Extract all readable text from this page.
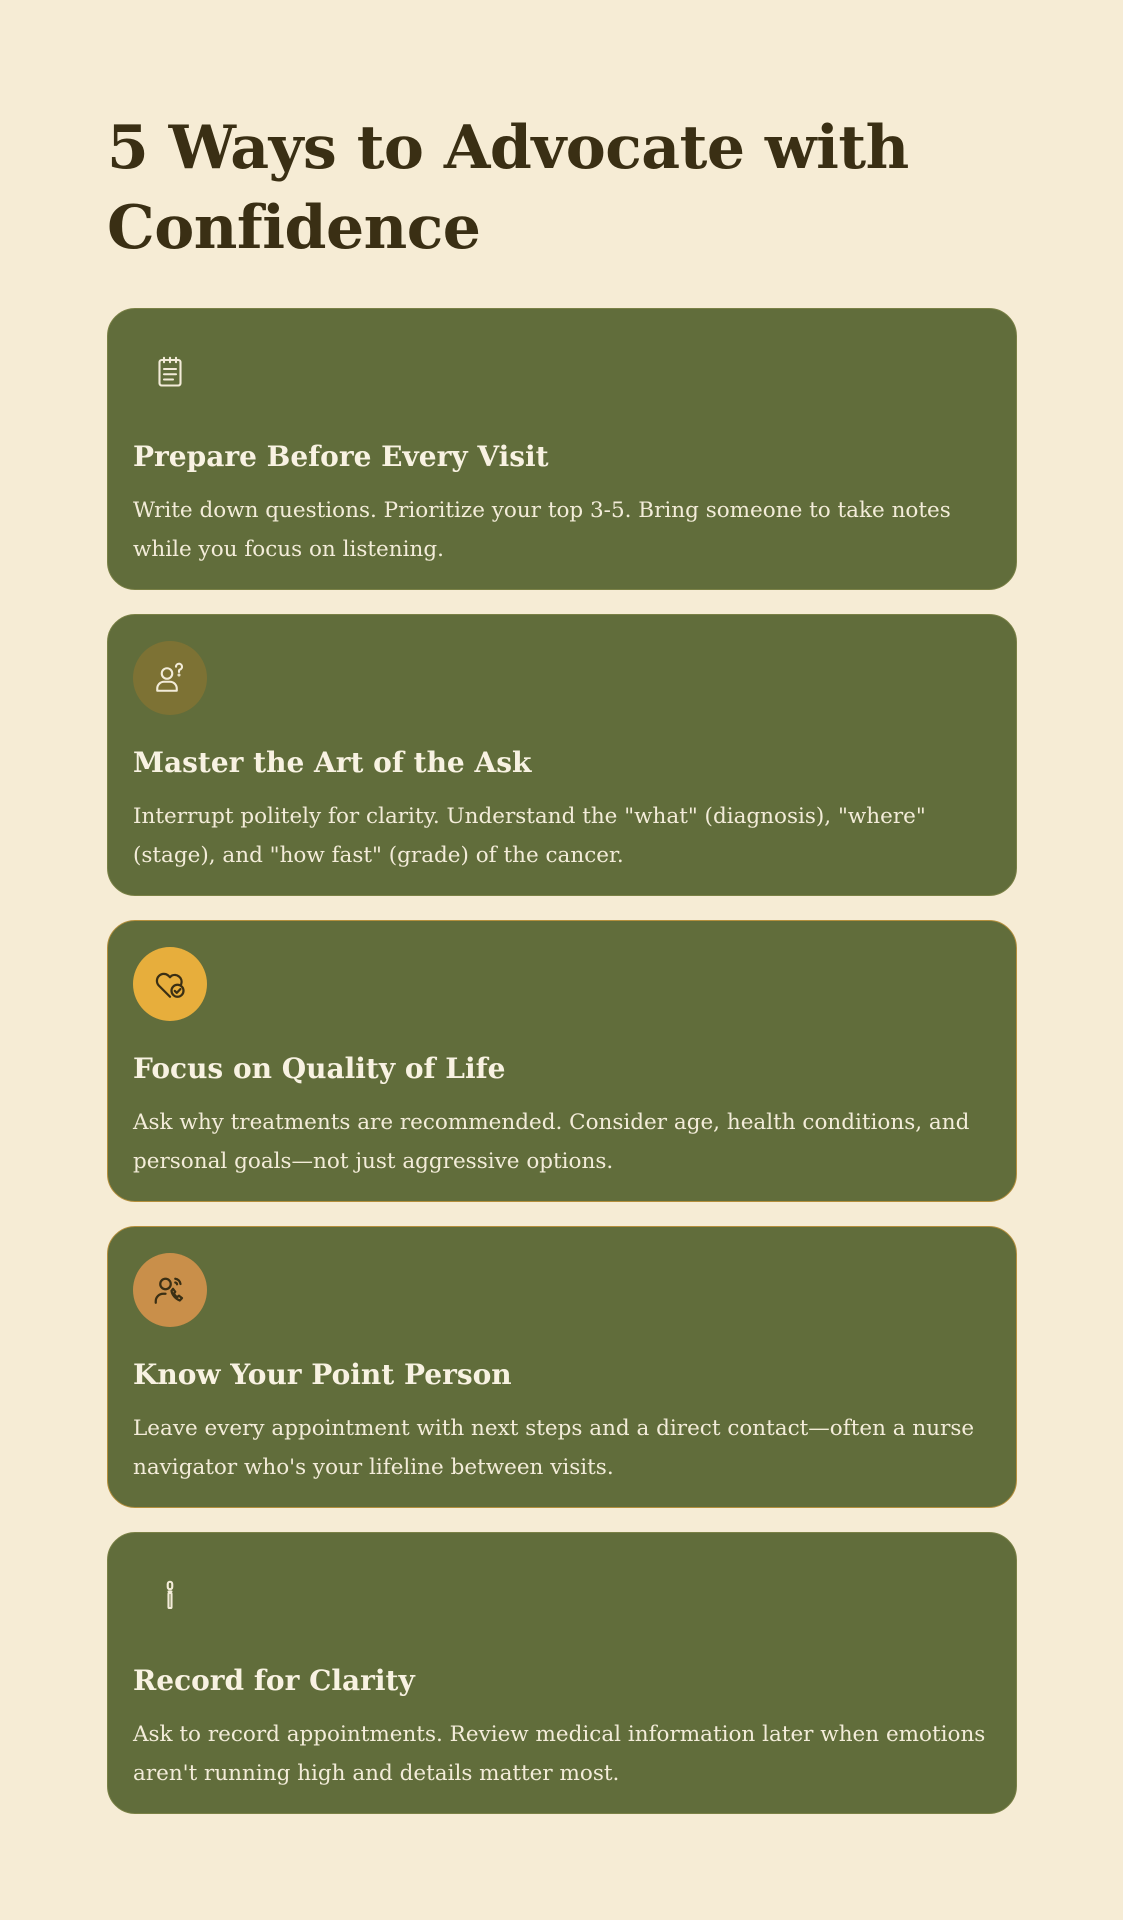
5 Ways to Advocate with Confidence
Prepare Before Every Visit

Write down questions. Prioritize your top 3-5. Bring someone to take notes while you focus on listening.

Master the Art of the Ask

Interrupt politely for clarity. Understand the "what" (diagnosis), "where" (stage), and "how fast" (grade) of the cancer.

Focus on Quality of Life

Ask why treatments are recommended. Consider age, health conditions, and personal goals—not just aggressive options.

Know Your Point Person

Leave every appointment with next steps and a direct contact—often a nurse navigator who's your lifeline between visits.

Record for Clarity

Ask to record appointments. Review medical information later when emotions aren't running high and details matter most.
